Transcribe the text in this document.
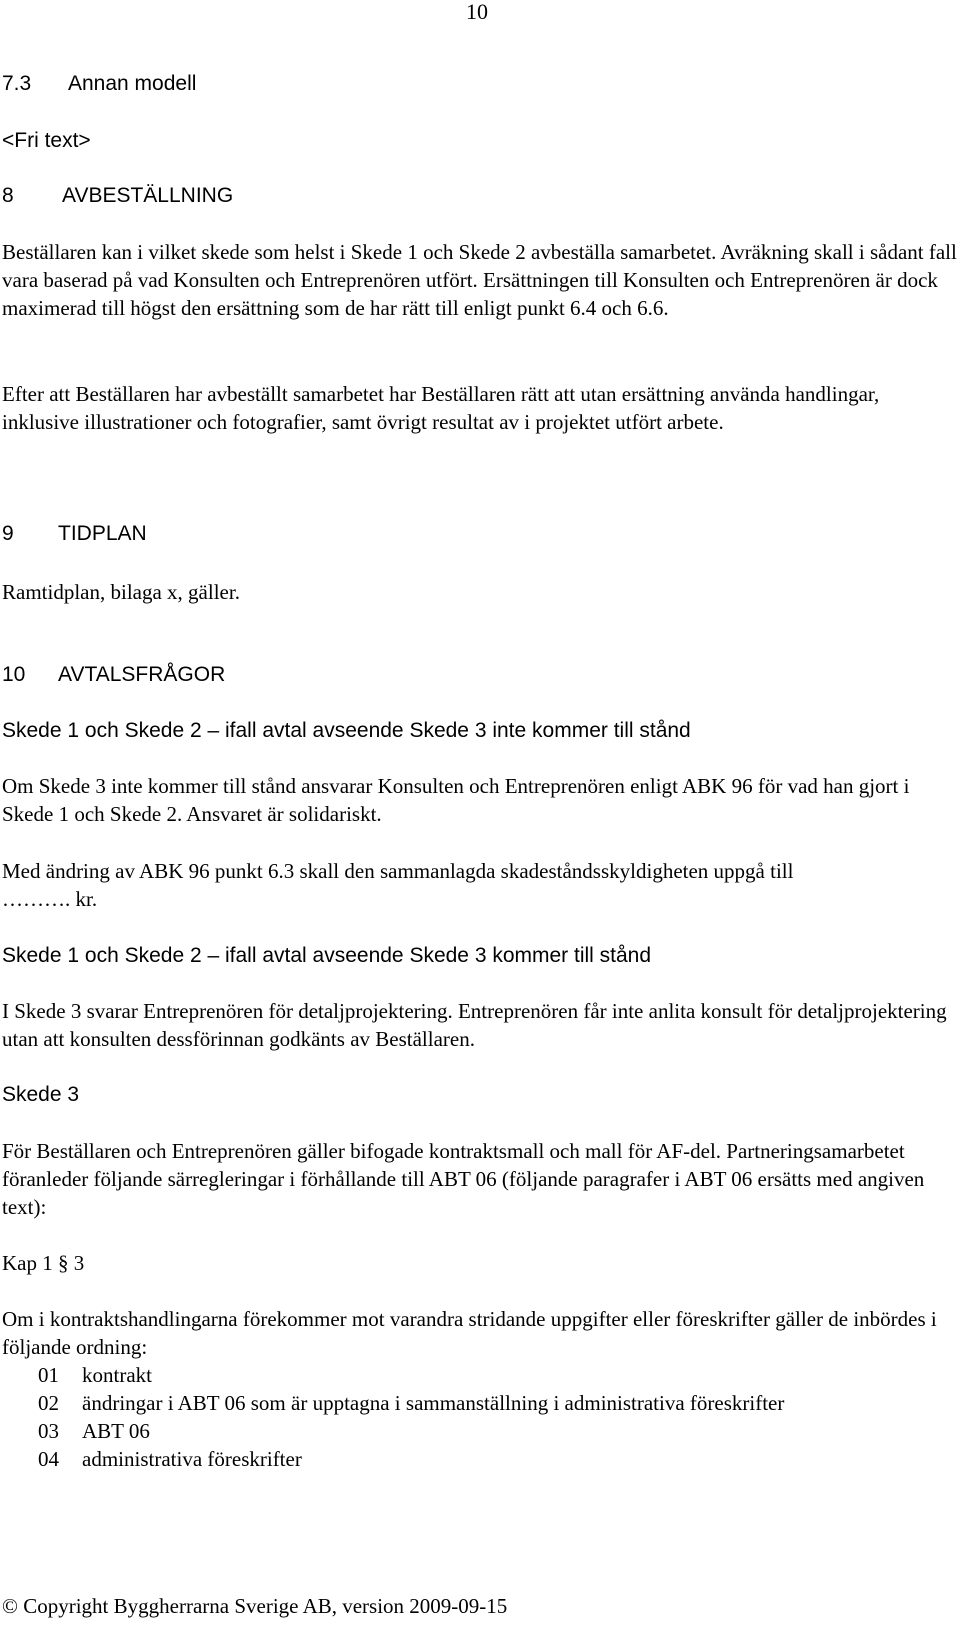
10
7.3 Annan modell
<Fri text>
8 AVBESTÄLLNING

Beställaren kan i vilket skede som helst i Skede 1 och Skede 2 avbeställa samarbetet. Avräkning skall i sådant fall vara baserad på vad Konsulten och Entreprenören utfört. Ersättningen till Konsulten och Entreprenören är dock maximerad till högst den ersättning som de har rätt till enligt punkt 6.4 och 6.6.

Efter att Beställaren har avbeställt samarbetet har Beställaren rätt att utan ersättning använda handlingar, inklusive illustrationer och fotografier, samt övrigt resultat av i projektet utfört arbete.

9 TIDPLAN

Ramtidplan, bilaga x, gäller.

10 AVTALSFRÅGOR
Skede 1 och Skede 2 – ifall avtal avseende Skede 3 inte kommer till stånd

Om Skede 3 inte kommer till stånd ansvarar Konsulten och Entreprenören enligt ABK 96 för vad han gjort i Skede 1 och Skede 2. Ansvaret är solidariskt.

Med ändring av ABK 96 punkt 6.3 skall den sammanlagda skadeståndsskyldigheten uppgå till
………. kr.
Skede 1 och Skede 2 – ifall avtal avseende Skede 3 kommer till stånd

I Skede 3 svarar Entreprenören för detaljprojektering. Entreprenören får inte anlita konsult för detaljprojektering utan att konsulten dessförinnan godkänts av Beställaren.

Skede 3

För Beställaren och Entreprenören gäller bifogade kontraktsmall och mall för AF-del. Partneringsamarbetet föranleder följande särregleringar i förhållande till ABT 06 (följande paragrafer i ABT 06 ersätts med angiven text):

Kap 1 § 3

Om i kontraktshandlingarna förekommer mot varandra stridande uppgifter eller föreskrifter gäller de inbördes i följande ordning:

01 kontrakt
02 ändringar i ABT 06 som är upptagna i sammanställning i administrativa föreskrifter
03 ABT 06
04 administrativa föreskrifter
© Copyright Byggherrarna Sverige AB, version 2009-09-15
